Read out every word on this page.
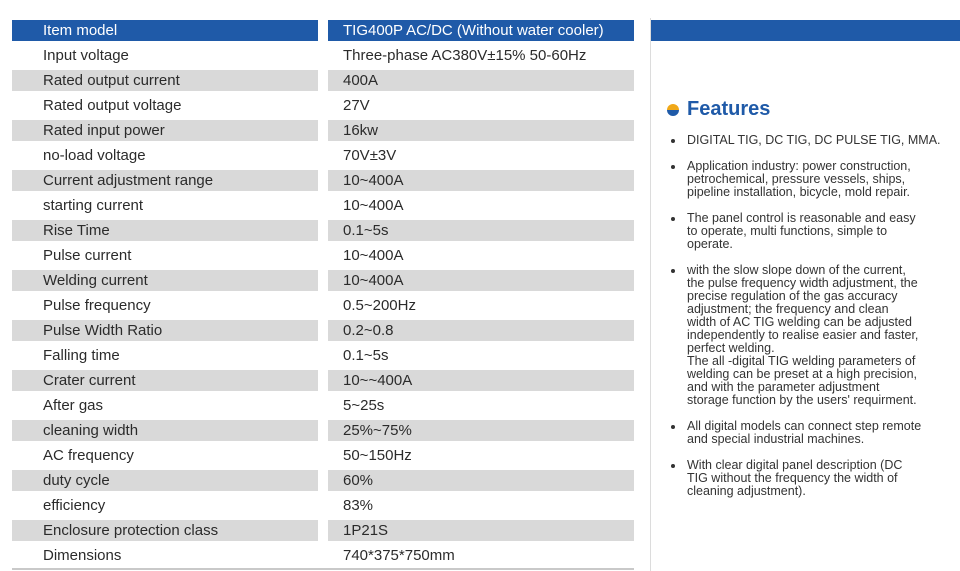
Item model	TIG400P AC/DC (Without water cooler)
Input voltage	Three-phase AC380V±15% 50-60Hz
Rated output current	400A
Rated output voltage	27V
Rated input power	16kw
no-load voltage	70V±3V
Current adjustment range	10~400A
starting current	10~400A
Rise Time	0.1~5s
Pulse current	10~400A
Welding current	10~400A
Pulse frequency	0.5~200Hz
Pulse Width Ratio	0.2~0.8
Falling time	0.1~5s
Crater current	10~~400A
After gas	5~25s
cleaning width	25%~75%
AC frequency	50~150Hz
duty cycle	60%
efficiency	83%
Enclosure protection class	1P21S
Dimensions	740*375*750mm
Features
DIGITAL TIG, DC TIG, DC PULSE TIG, MMA.
Application industry: power construction,
petrochemical, pressure vessels, ships,
pipeline installation, bicycle, mold repair.
The panel control is reasonable and easy
to operate, multi functions, simple to
operate.
with the slow slope down of the current,
the pulse frequency width adjustment, the
precise regulation of the gas accuracy
adjustment; the frequency and clean
width of AC TIG welding can be adjusted
independently to realise easier and faster,
perfect welding.
The all -digital TIG welding parameters of
welding can be preset at a high precision,
and with the parameter adjustment
storage function by the users' requirment.
All digital models can connect step remote
and special industrial machines.
With clear digital panel description (DC
TIG without the frequency the width of
cleaning adjustment).
